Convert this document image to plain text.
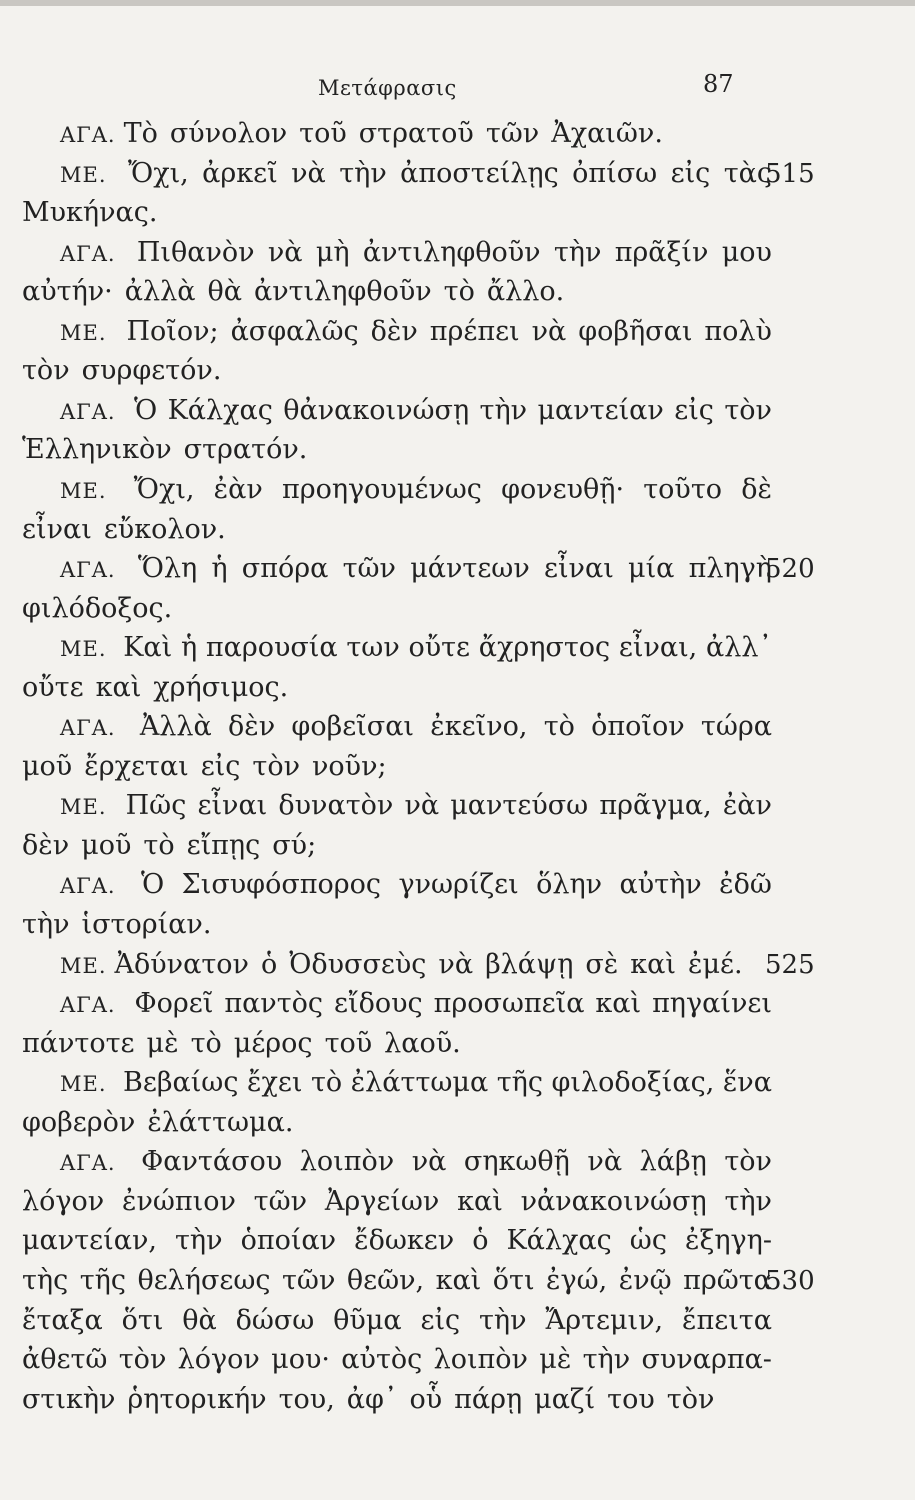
Μετάφρασις	87
ΑΓΑ. Τὸ σύνολον τοῦ στρατοῦ τῶν Ἀχαιῶν.
ΜΕ. Ὄχι, ἀρκεῖ νὰ τὴν ἀποστείλῃς ὀπίσω εἰς τὰς
515
Μυκήνας.
ΑΓΑ. Πιθανὸν νὰ μὴ ἀντιληφθοῦν τὴν πρᾶξίν μου
αὐτήν· ἀλλὰ θὰ ἀντιληφθοῦν τὸ ἄλλο.
ΜΕ. Ποῖον; ἀσφαλῶς δὲν πρέπει νὰ φοβῆσαι πολὺ
τὸν συρφετόν.
ΑΓΑ. Ὁ Κάλχας θἀνακοινώσῃ τὴν μαντείαν εἰς τὸν
Ἑλληνικὸν στρατόν.
ΜΕ. Ὄχι, ἐὰν προηγουμένως φονευθῇ· τοῦτο δὲ
εἶναι εὔκολον.
ΑΓΑ. Ὅλη ἡ σπόρα τῶν μάντεων εἶναι μία πληγὴ
520
φιλόδοξος.
ΜΕ. Καὶ ἡ παρουσία των οὔτε ἄχρηστος εἶναι, ἀλλ᾽
οὔτε καὶ χρήσιμος.
ΑΓΑ. Ἀλλὰ δὲν φοβεῖσαι ἐκεῖνο, τὸ ὁποῖον τώρα
μοῦ ἔρχεται εἰς τὸν νοῦν;
ΜΕ. Πῶς εἶναι δυνατὸν νὰ μαντεύσω πρᾶγμα, ἐὰν
δὲν μοῦ τὸ εἴπῃς σύ;
ΑΓΑ. Ὁ Σισυφόσπορος γνωρίζει ὅλην αὐτὴν ἐδῶ
τὴν ἱστορίαν.
ΜΕ. Ἀδύνατον ὁ Ὀδυσσεὺς νὰ βλάψῃ σὲ καὶ ἐμέ. 525
ΑΓΑ. Φορεῖ παντὸς εἴδους προσωπεῖα καὶ πηγαίνει
πάντοτε μὲ τὸ μέρος τοῦ λαοῦ.
ΜΕ. Βεβαίως ἔχει τὸ ἐλάττωμα τῆς φιλοδοξίας, ἕνα
φοβερὸν ἐλάττωμα.
ΑΓΑ. Φαντάσου λοιπὸν νὰ σηκωθῇ νὰ λάβῃ τὸν
λόγον ἐνώπιον τῶν Ἀργείων καὶ νἀνακοινώσῃ τὴν
μαντείαν, τὴν ὁποίαν ἔδωκεν ὁ Κάλχας ὡς ἐξηγη-
τὴς τῆς θελήσεως τῶν θεῶν, καὶ ὅτι ἐγώ, ἐνῷ πρῶτα
530
ἔταξα ὅτι θὰ δώσω θῦμα εἰς τὴν Ἄρτεμιν, ἔπειτα
ἀθετῶ τὸν λόγον μου· αὐτὸς λοιπὸν μὲ τὴν συναρπα-
στικὴν ῥητορικήν του, ἀφ᾽ οὗ πάρῃ μαζί του τὸν
